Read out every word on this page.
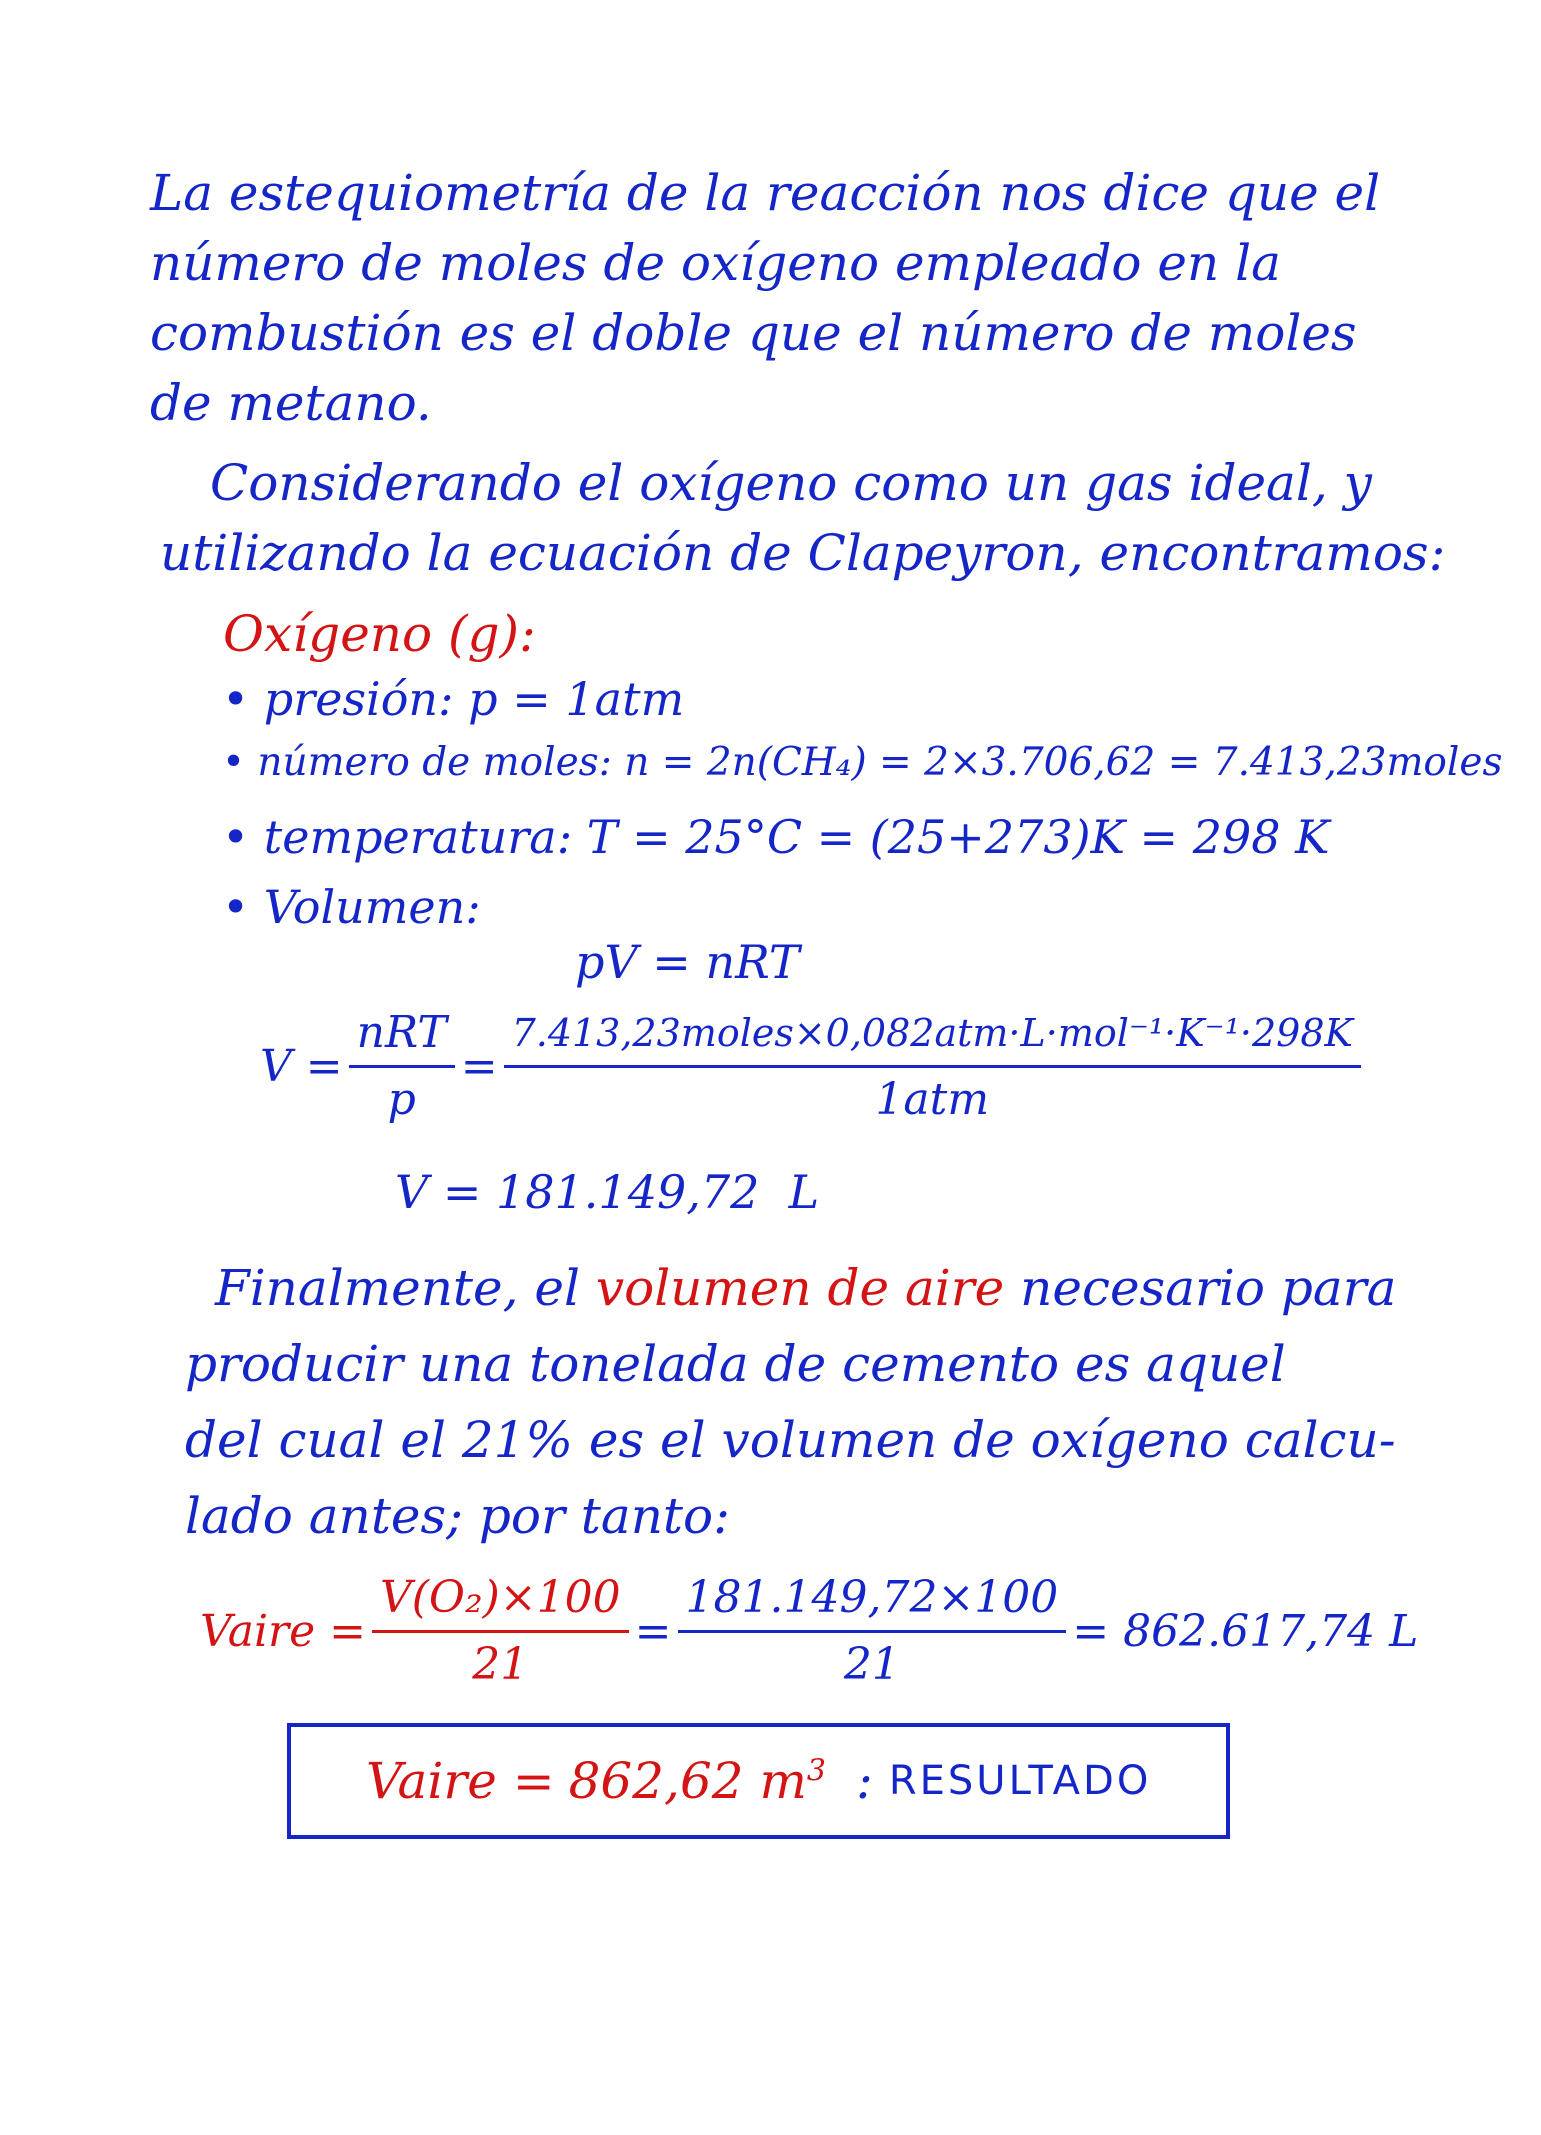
La estequiometría de la reacción nos dice que el
número de moles de oxígeno empleado en la
combustión es el doble que el número de moles
de metano.
Considerando el oxígeno como un gas ideal, y
utilizando la ecuación de Clapeyron, encontramos:
Oxígeno (g):
• presión: p = 1atm
• número de moles: n = 2n(CH₄) = 2×3.706,62 = 7.413,23moles
• temperatura: T = 25°C = (25+273)K = 298 K
• Volumen:
pV = nRT
$V = \frac{\text{nRT}}{p} = \frac{\text{7.413,23moles×0,082atm·L·mol⁻¹·K⁻¹·298K}}{\text{1atm}}$
V = 181.149,72  L
Finalmente, el volumen de aire necesario para
producir una tonelada de cemento es aquel
del cual el 21% es el volumen de oxígeno calcu-
lado antes; por tanto:
Vaire = $\frac{\text{V(O₂)×100}}{21} = \frac{181.149,72\times 100}{21} = 862.617,74$ L
Vaire = 862,62 $m^3$ : RESULTADO
